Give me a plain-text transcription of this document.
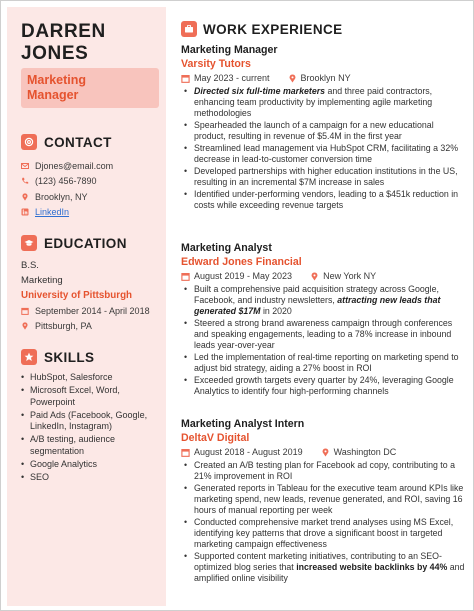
DARREN
JONES
Marketing
Manager
CONTACT
Djones@email.com
(123) 456-7890
Brooklyn, NY
LinkedIn
EDUCATION
B.S.
Marketing
University of Pittsburgh
September 2014 - April 2018
Pittsburgh, PA
SKILLS
• HubSpot, Salesforce
• Microsoft Excel, Word, Powerpoint
• Paid Ads (Facebook, Google, LinkedIn, Instagram)
• A/B testing, audience segmentation
• Google Analytics
• SEO
WORK EXPERIENCE
Marketing Manager
Varsity Tutors
May 2023 - current	Brooklyn NY
• Directed six full-time marketers and three paid contractors, enhancing team productivity by implementing agile marketing methodologies
• Spearheaded the launch of a campaign for a new educational product, resulting in revenue of $5.4M in the first year
• Streamlined lead management via HubSpot CRM, facilitating a 32% decrease in lead-to-customer conversion time
• Developed partnerships with higher education institutions in the US, resulting in an incremental $7M increase in sales
• Identified under-performing vendors, leading to a $451k reduction in costs while exceeding revenue targets
Marketing Analyst
Edward Jones Financial
August 2019 - May 2023	New York NY
• Built a comprehensive paid acquisition strategy across Google, Facebook, and industry newsletters, attracting new leads that generated $17M in 2020
• Steered a strong brand awareness campaign through conferences and speaking engagements, leading to a 78% increase in inbound leads year-over-year
• Led the implementation of real-time reporting on marketing spend to adjust bid strategy, aiding a 27% boost in ROI
• Exceeded growth targets every quarter by 24%, leveraging Google Analytics to identify four high-performing channels
Marketing Analyst Intern
DeltaV Digital
August 2018 - August 2019	Washington DC
• Created an A/B testing plan for Facebook ad copy, contributing to a 21% improvement in ROI
• Generated reports in Tableau for the executive team around KPIs like marketing spend, new leads, revenue generated, and ROI, saving 16 hours of manual reporting per week
• Conducted comprehensive market trend analyses using MS Excel, identifying key patterns that drove a significant boost in targeted marketing campaign effectiveness
• Supported content marketing initiatives, contributing to an SEO-optimized blog series that increased website backlinks by 44% and amplified online visibility
